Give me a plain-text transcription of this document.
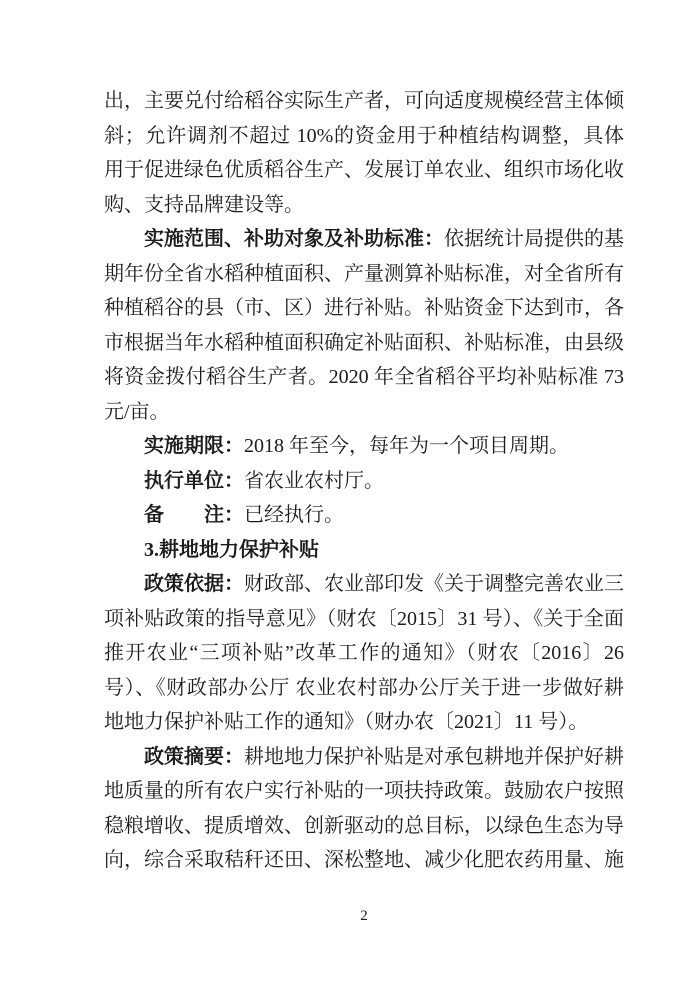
出，主要兑付给稻谷实际生产者，可向适度规模经营主体倾斜；允许调剂不超过 10%的资金用于种植结构调整，具体用于促进绿色优质稻谷生产、发展订单农业、组织市场化收购、支持品牌建设等。

实施范围、补助对象及补助标准：依据统计局提供的基期年份全省水稻种植面积、产量测算补贴标准，对全省所有种植稻谷的县（市、区）进行补贴。补贴资金下达到市，各市根据当年水稻种植面积确定补贴面积、补贴标准，由县级将资金拨付稻谷生产者。2020 年全省稻谷平均补贴标准 73 元/亩。

实施期限：2018 年至今，每年为一个项目周期。

执行单位：省农业农村厅。

备　　注：已经执行。

3.耕地地力保护补贴

政策依据：财政部、农业部印发《关于调整完善农业三项补贴政策的指导意见》（财农〔2015〕31 号）、《关于全面推开农业“三项补贴”改革工作的通知》（财农〔2016〕26 号）、《财政部办公厅 农业农村部办公厅关于进一步做好耕地地力保护补贴工作的通知》（财办农〔2021〕11 号）。

政策摘要：耕地地力保护补贴是对承包耕地并保护好耕地质量的所有农户实行补贴的一项扶持政策。鼓励农户按照稳粮增收、提质增效、创新驱动的总目标，以绿色生态为导向，综合采取秸秆还田、深松整地、减少化肥农药用量、施

2
